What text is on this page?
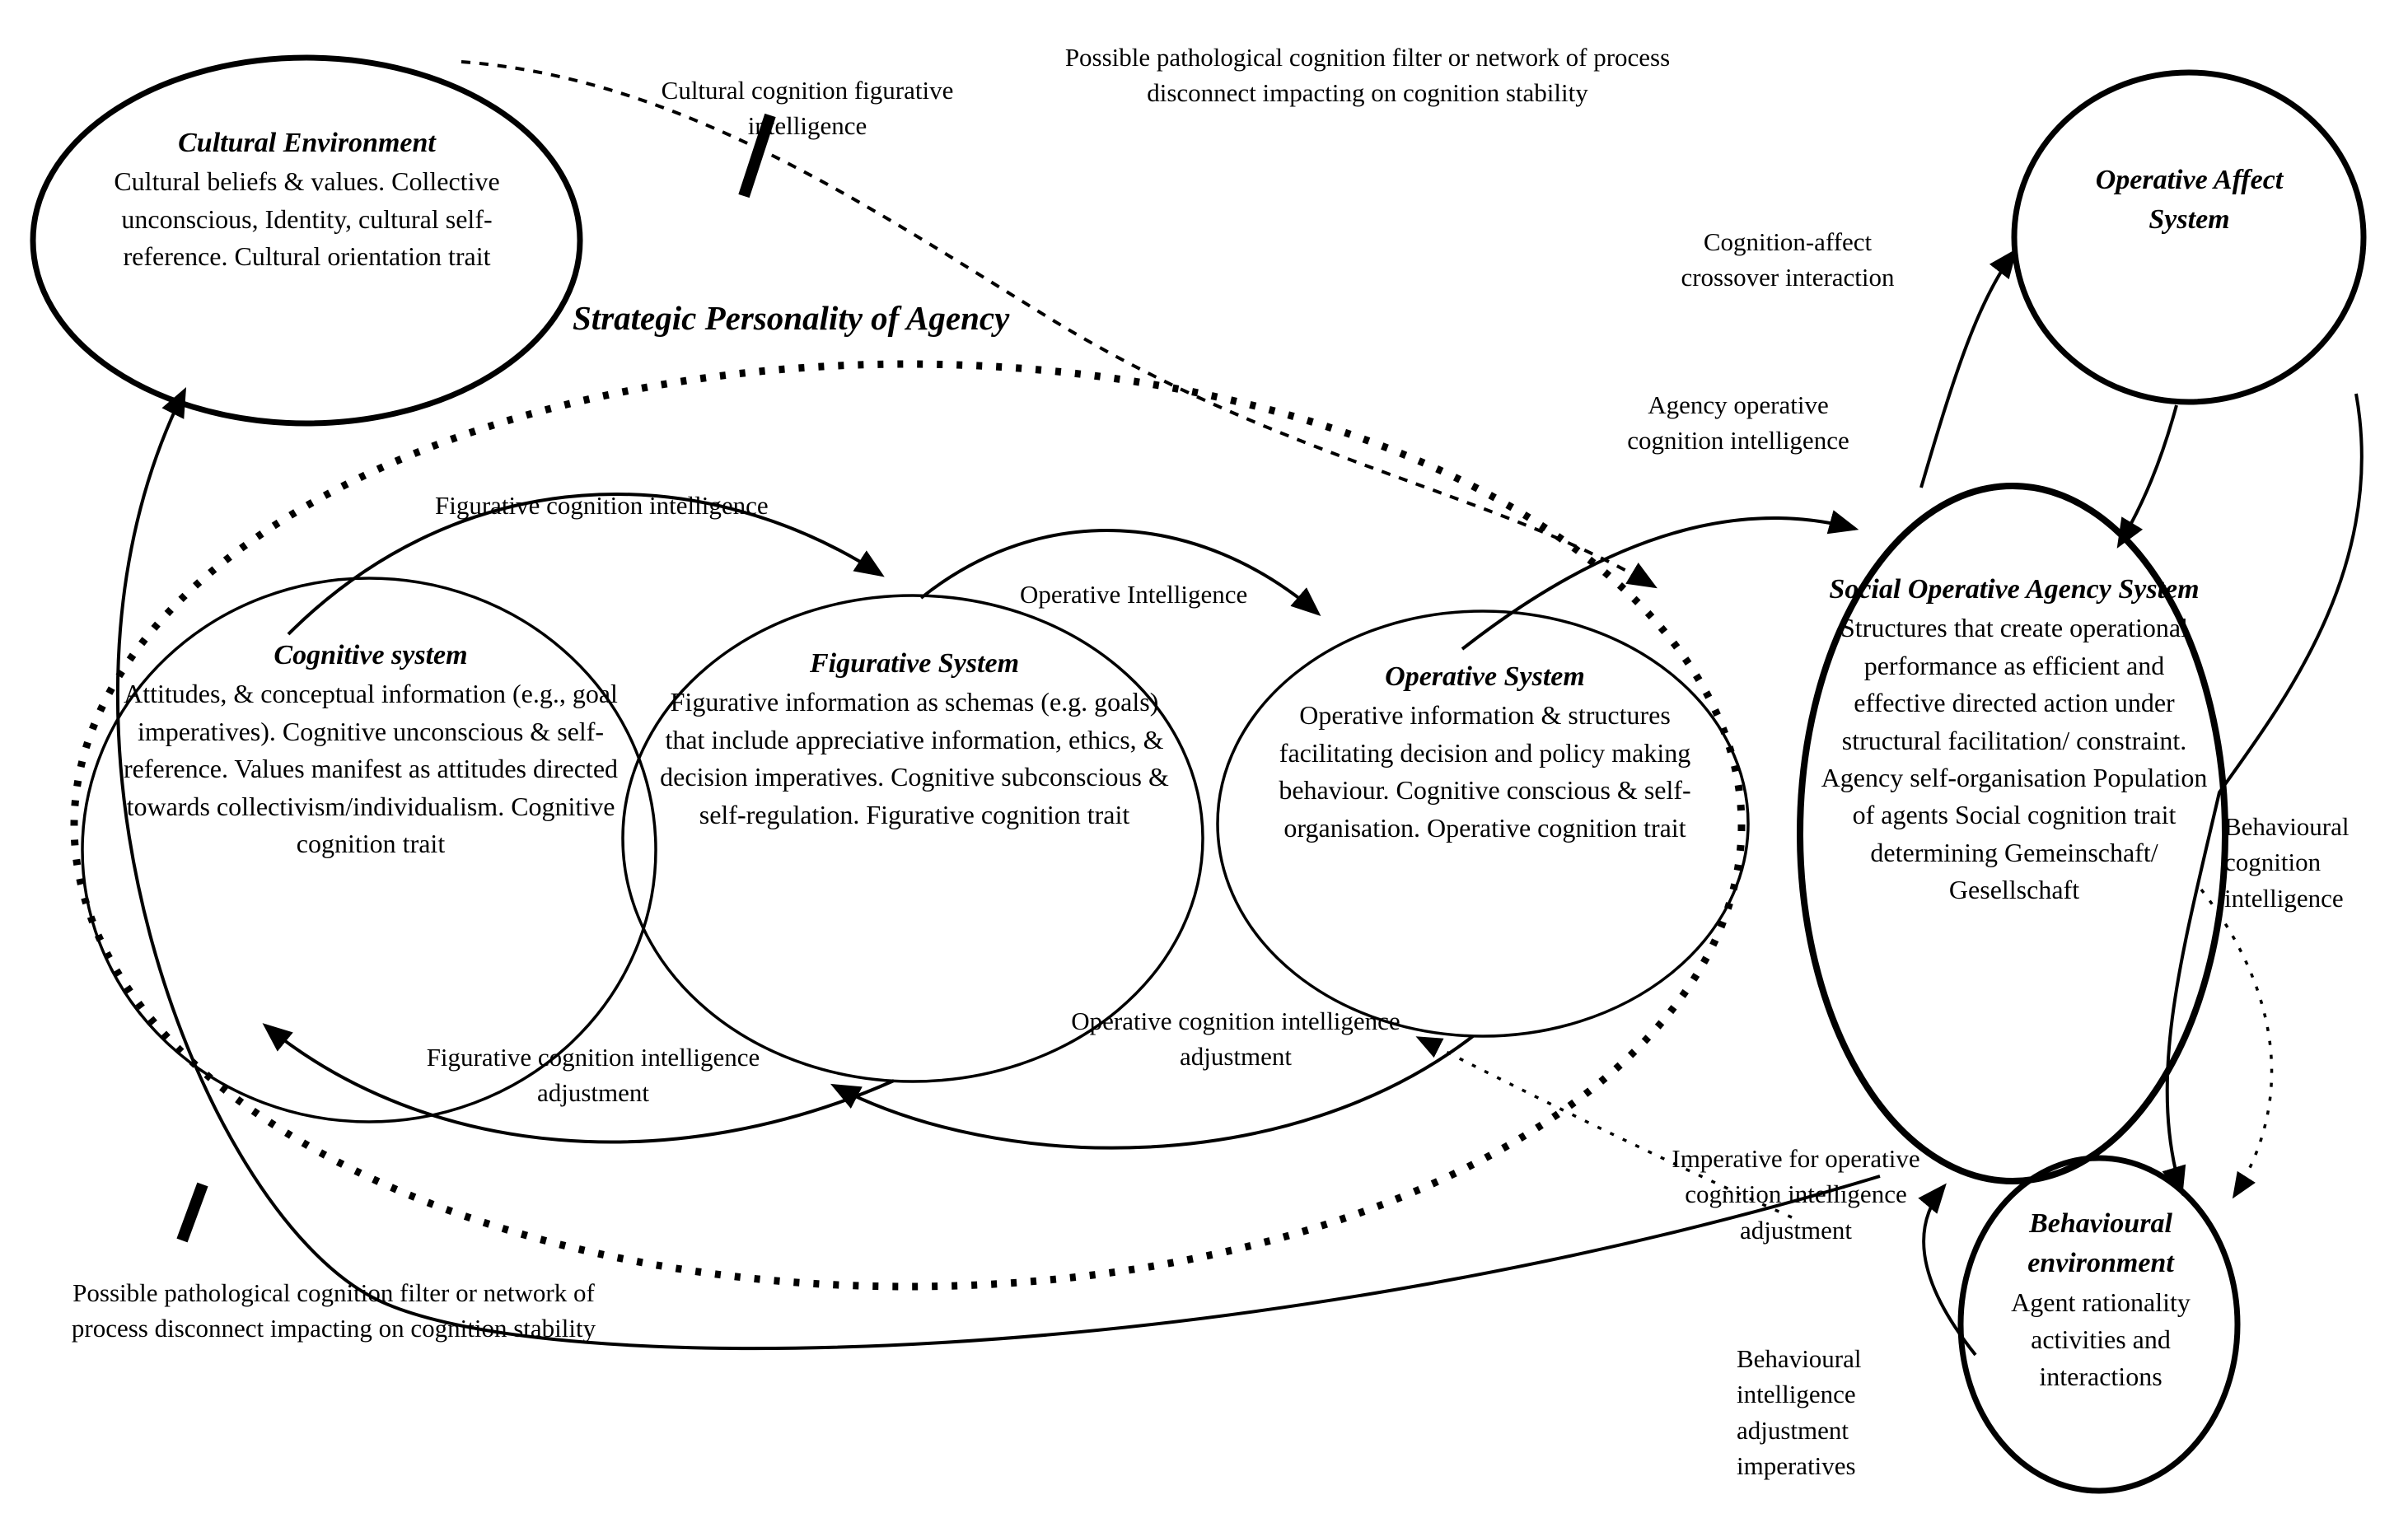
Cultural Environment
Cultural beliefs & values. Collective unconscious, Identity, cultural self-reference. Cultural orientation trait
Operative Affect System
Cognitive system
Attitudes, & conceptual information (e.g., goal imperatives). Cognitive unconscious & self-reference. Values manifest as attitudes directed towards collectivism/individualism. Cognitive cognition trait
Figurative System
Figurative information as schemas (e.g. goals) that include appreciative information, ethics, & decision imperatives. Cognitive subconscious & self-regulation. Figurative cognition trait
Operative System
Operative information & structures facilitating decision and policy making behaviour. Cognitive conscious & self-organisation. Operative cognition trait
Social Operative Agency System
Structures that create operational performance as efficient and effective directed action under structural facilitation/ constraint. Agency self-organisation Population of agents Social cognition trait determining Gemeinschaft/ Gesellschaft
Behavioural environment
Agent rationality activities and interactions
Strategic Personality of Agency
Cultural cognition figurative intelligence
Possible pathological cognition filter or network of process disconnect impacting on cognition stability
Cognition-affect crossover interaction
Agency operative cognition intelligence
Figurative cognition intelligence
Operative Intelligence
Behavioural cognition intelligence
Imperative for operative cognition intelligence adjustment
Behavioural intelligence adjustment imperatives
Figurative cognition intelligence adjustment
Operative cognition intelligence adjustment
Possible pathological cognition filter or network of process disconnect impacting on cognition stability
